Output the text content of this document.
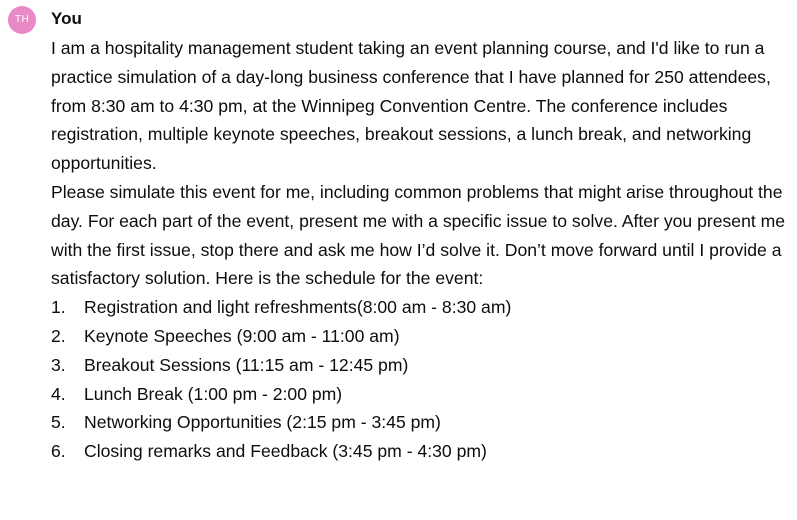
TH	You

I am a hospitality management student taking an event planning course, and I'd like to run a practice simulation of a day-long business conference that I have planned for 250 attendees, from 8:30 am to 4:30 pm, at the Winnipeg Convention Centre. The conference includes registration, multiple keynote speeches, breakout sessions, a lunch break, and networking opportunities.

Please simulate this event for me, including common problems that might arise throughout the day. For each part of the event, present me with a specific issue to solve. After you present me with the first issue, stop there and ask me how I’d solve it. Don’t move forward until I provide a satisfactory solution. Here is the schedule for the event:

1.	Registration and light refreshments(8:00 am - 8:30 am)
2.	Keynote Speeches (9:00 am - 11:00 am)
3.	Breakout Sessions (11:15 am - 12:45 pm)
4.	Lunch Break (1:00 pm - 2:00 pm)
5.	Networking Opportunities (2:15 pm - 3:45 pm)
6.	Closing remarks and Feedback (3:45 pm - 4:30 pm)
